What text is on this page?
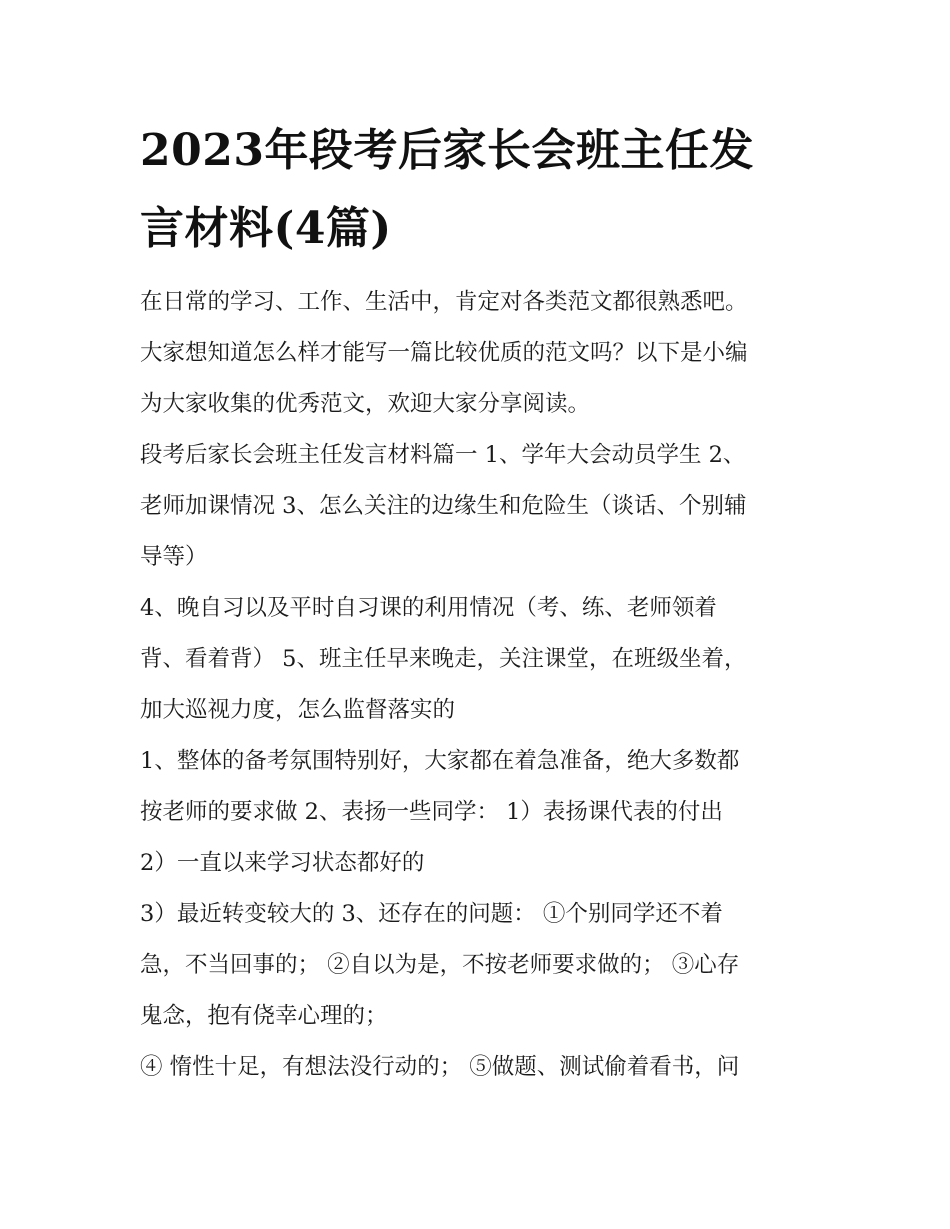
2023年段考后家长会班主任发
言材料(4篇)

在日常的学习、工作、生活中，肯定对各类范文都很熟悉吧。
大家想知道怎么样才能写一篇比较优质的范文吗？以下是小编
为大家收集的优秀范文，欢迎大家分享阅读。

段考后家长会班主任发言材料篇一 1、学年大会动员学生 2、
老师加课情况 3、怎么关注的边缘生和危险生（谈话、个别辅
导等）

4、晚自习以及平时自习课的利用情况（考、练、老师领着
背、看着背） 5、班主任早来晚走，关注课堂，在班级坐着，
加大巡视力度，怎么监督落实的

1、整体的备考氛围特别好，大家都在着急准备，绝大多数都
按老师的要求做 2、表扬一些同学： 1）表扬课代表的付出
2）一直以来学习状态都好的

3）最近转变较大的 3、还存在的问题： ①个别同学还不着
急，不当回事的； ②自以为是，不按老师要求做的； ③心存
鬼念，抱有侥幸心理的；

④ 惰性十足，有想法没行动的； ⑤做题、测试偷着看书，问
